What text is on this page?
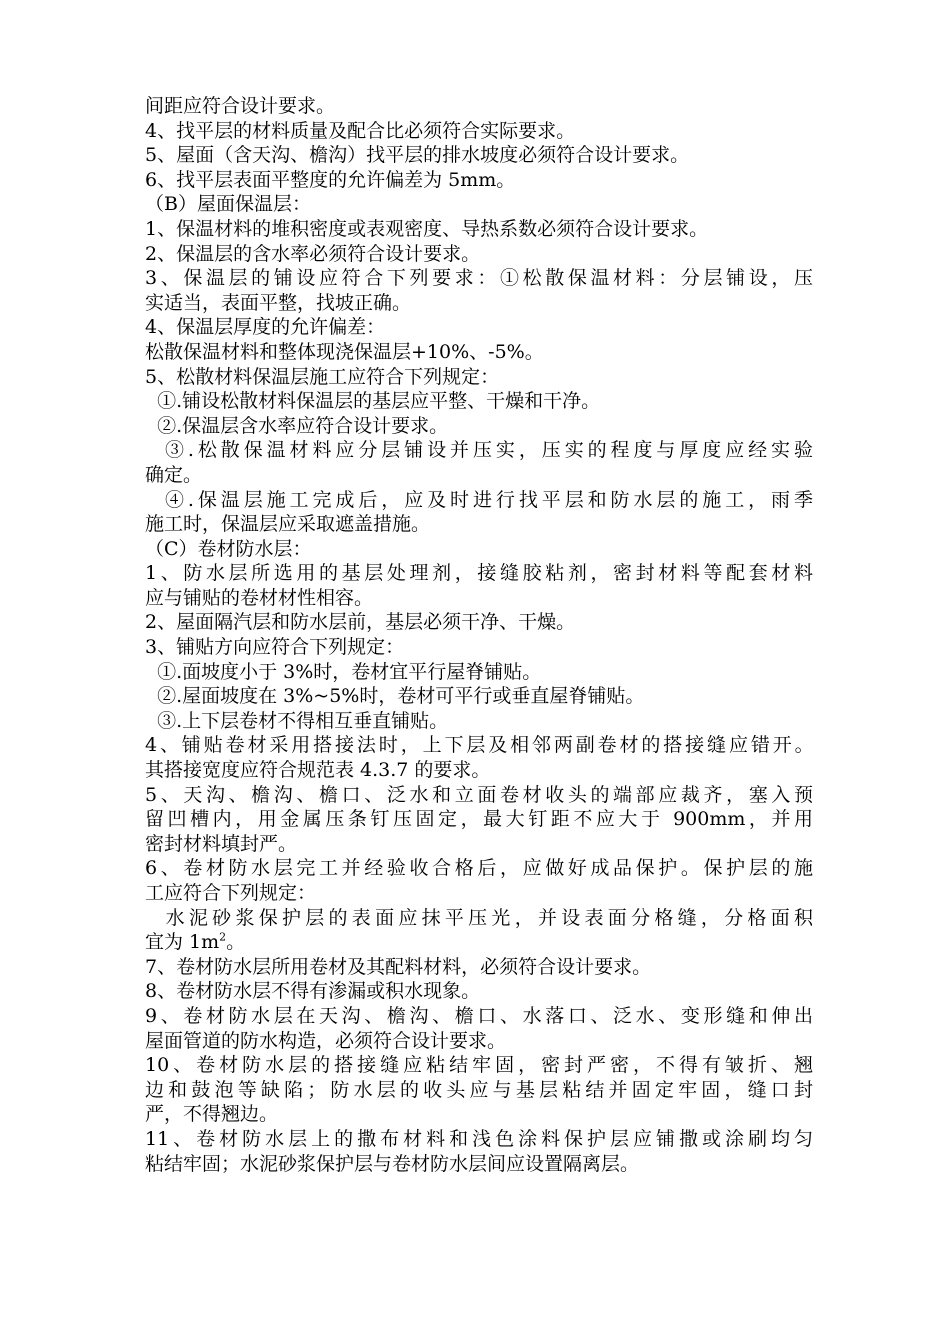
间距应符合设计要求。
4、找平层的材料质量及配合比必须符合实际要求。
5、屋面（含天沟、檐沟）找平层的排水坡度必须符合设计要求。
6、找平层表面平整度的允许偏差为 5mm。
（B）屋面保温层：
1、保温材料的堆积密度或表观密度、导热系数必须符合设计要求。
2、保温层的含水率必须符合设计要求。
3、保温层的铺设应符合下列要求：①松散保温材料：分层铺设，压
实适当，表面平整，找坡正确。
4、保温层厚度的允许偏差：
松散保温材料和整体现浇保温层+10%、-5%。
5、松散材料保温层施工应符合下列规定：
①.铺设松散材料保温层的基层应平整、干燥和干净。
②.保温层含水率应符合设计要求。
③.松散保温材料应分层铺设并压实，压实的程度与厚度应经实验
确定。
④.保温层施工完成后，应及时进行找平层和防水层的施工，雨季
施工时，保温层应采取遮盖措施。
（C）卷材防水层：
1、防水层所选用的基层处理剂，接缝胶粘剂，密封材料等配套材料
应与铺贴的卷材材性相容。
2、屋面隔汽层和防水层前，基层必须干净、干燥。
3、铺贴方向应符合下列规定：
①.面坡度小于 3%时，卷材宜平行屋脊铺贴。
②.屋面坡度在 3%~5%时，卷材可平行或垂直屋脊铺贴。
③.上下层卷材不得相互垂直铺贴。
4、铺贴卷材采用搭接法时，上下层及相邻两副卷材的搭接缝应错开。
其搭接宽度应符合规范表 4.3.7 的要求。
5、天沟、檐沟、檐口、泛水和立面卷材收头的端部应裁齐，塞入预
留凹槽内，用金属压条钉压固定，最大钉距不应大于 900mm，并用
密封材料填封严。
6、卷材防水层完工并经验收合格后，应做好成品保护。保护层的施
工应符合下列规定：
水泥砂浆保护层的表面应抹平压光，并设表面分格缝，分格面积
宜为 $1m^2$。
7、卷材防水层所用卷材及其配料材料，必须符合设计要求。
8、卷材防水层不得有渗漏或积水现象。
9、卷材防水层在天沟、檐沟、檐口、水落口、泛水、变形缝和伸出
屋面管道的防水构造，必须符合设计要求。
10、卷材防水层的搭接缝应粘结牢固，密封严密，不得有皱折、翘
边和鼓泡等缺陷；防水层的收头应与基层粘结并固定牢固，缝口封
严，不得翘边。
11、卷材防水层上的撒布材料和浅色涂料保护层应铺撒或涂刷均匀
粘结牢固；水泥砂浆保护层与卷材防水层间应设置隔离层。
